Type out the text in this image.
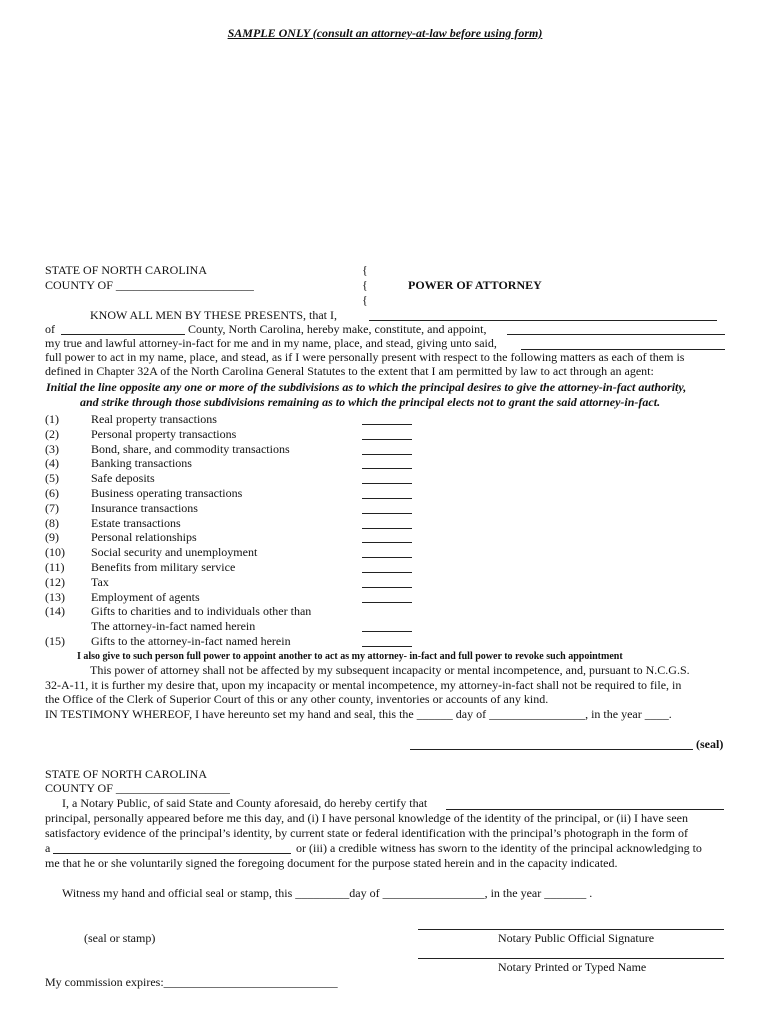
SAMPLE ONLY (consult an attorney-at-law before using form)
STATE OF NORTH CAROLINA
COUNTY OF _______________________
{
{
{
POWER OF ATTORNEY
KNOW ALL MEN BY THESE PRESENTS, that I,
of	County, North Carolina, hereby make, constitute, and appoint,
my true and lawful attorney-in-fact for me and in my name, place, and stead, giving unto said,
full power to act in my name, place, and stead, as if I were personally present with respect to the following matters as each of them is
defined in Chapter 32A of the North Carolina General Statutes to the extent that I am permitted by law to act through an agent:
Initial the line opposite any one or more of the subdivisions as to which the principal desires to give the attorney-in-fact authority,
and strike through those subdivisions remaining as to which the principal elects not to grant the said attorney-in-fact.
(1)	Real property transactions
(2)	Personal property transactions
(3)	Bond, share, and commodity transactions
(4)	Banking transactions
(5)	Safe deposits
(6)	Business operating transactions
(7)	Insurance transactions
(8)	Estate transactions
(9)	Personal relationships
(10) Social security and unemployment
(11) Benefits from military service
(12) Tax
(13) Employment of agents
(14) Gifts to charities and to individuals other than
The attorney-in-fact named herein
(15) Gifts to the attorney-in-fact named herein
I also give to such person full power to appoint another to act as my attorney- in-fact and full power to revoke such appointment
This power of attorney shall not be affected by my subsequent incapacity or mental incompetence, and, pursuant to N.C.G.S.
32-A-11, it is further my desire that, upon my incapacity or mental incompetence, my attorney-in-fact shall not be required to file, in
the Office of the Clerk of Superior Court of this or any other county, inventories or accounts of any kind.
IN TESTIMONY WHEREOF, I have hereunto set my hand and seal, this the ______ day of ________________, in the year ____.
(seal)
STATE OF NORTH CAROLINA
COUNTY OF ___________________
I, a Notary Public, of said State and County aforesaid, do hereby certify that
principal, personally appeared before me this day, and (i) I have personal knowledge of the identity of the principal, or (ii) I have seen
satisfactory evidence of the principal’s identity, by current state or federal identification with the principal’s photograph in the form of
a	or (iii) a credible witness has sworn to the identity of the principal acknowledging to
me that he or she voluntarily signed the foregoing document for the purpose stated herein and in the capacity indicated.
Witness my hand and official seal or stamp, this _________day of _________________, in the year _______ .
(seal or stamp)	Notary Public Official Signature
Notary Printed or Typed Name
My commission expires:_____________________________
